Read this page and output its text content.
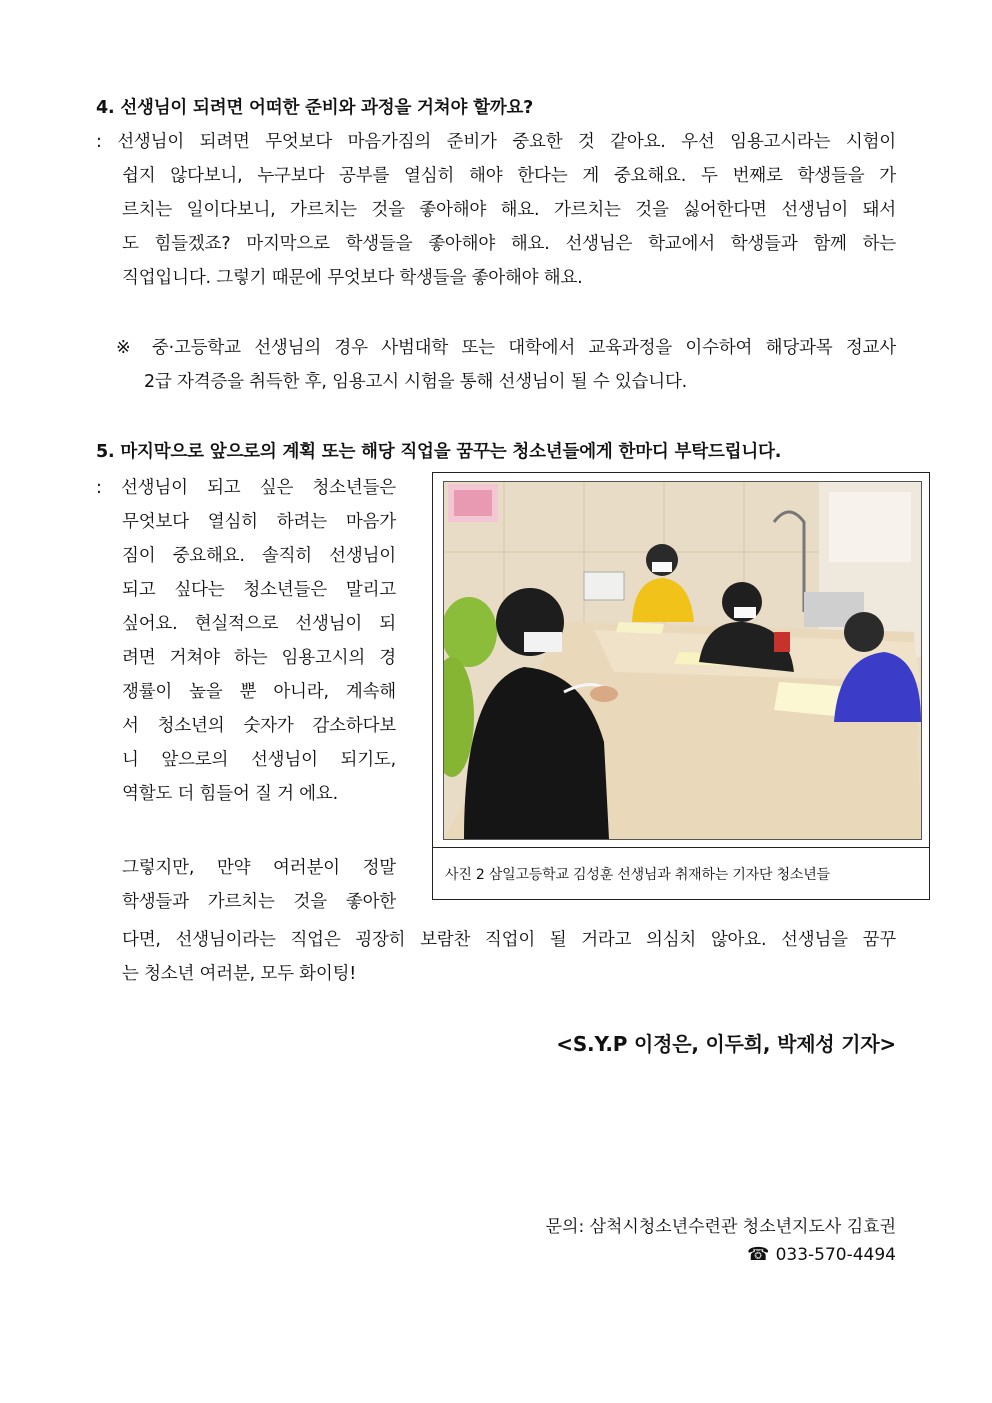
4. 선생님이 되려면 어떠한 준비와 과정을 거쳐야 할까요?
: 선생님이 되려면 무엇보다 마음가짐의 준비가 중요한 것 같아요. 우선 임용고시라는 시험이
쉽지 않다보니, 누구보다 공부를 열심히 해야 한다는 게 중요해요. 두 번째로 학생들을 가
르치는 일이다보니, 가르치는 것을 좋아해야 해요. 가르치는 것을 싫어한다면 선생님이 돼서
도 힘들겠죠? 마지막으로 학생들을 좋아해야 해요. 선생님은 학교에서 학생들과 함께 하는
직업입니다. 그렇기 때문에 무엇보다 학생들을 좋아해야 해요.
※ 중·고등학교 선생님의 경우 사범대학 또는 대학에서 교육과정을 이수하여 해당과목 정교사
2급 자격증을 취득한 후, 임용고시 시험을 통해 선생님이 될 수 있습니다.
5. 마지막으로 앞으로의 계획 또는 해당 직업을 꿈꾸는 청소년들에게 한마디 부탁드립니다.
: 선생님이 되고 싶은 청소년들은
무엇보다 열심히 하려는 마음가
짐이 중요해요. 솔직히 선생님이
되고 싶다는 청소년들은 말리고
싶어요. 현실적으로 선생님이 되
려면 거쳐야 하는 임용고시의 경
쟁률이 높을 뿐 아니라, 계속해
서 청소년의 숫자가 감소하다보
니 앞으로의 선생님이 되기도,
역할도 더 힘들어 질 거 에요.
그렇지만, 만약 여러분이 정말
학생들과 가르치는 것을 좋아한
다면, 선생님이라는 직업은 굉장히 보람찬 직업이 될 거라고 의심치 않아요. 선생님을 꿈꾸
는 청소년 여러분, 모두 화이팅!
사진 2 삼일고등학교 김성훈 선생님과 취재하는 기자단 청소년들
<S.Y.P 이정은, 이두희, 박제성 기자>
문의: 삼척시청소년수련관 청소년지도사 김효권
☎ 033-570-4494
